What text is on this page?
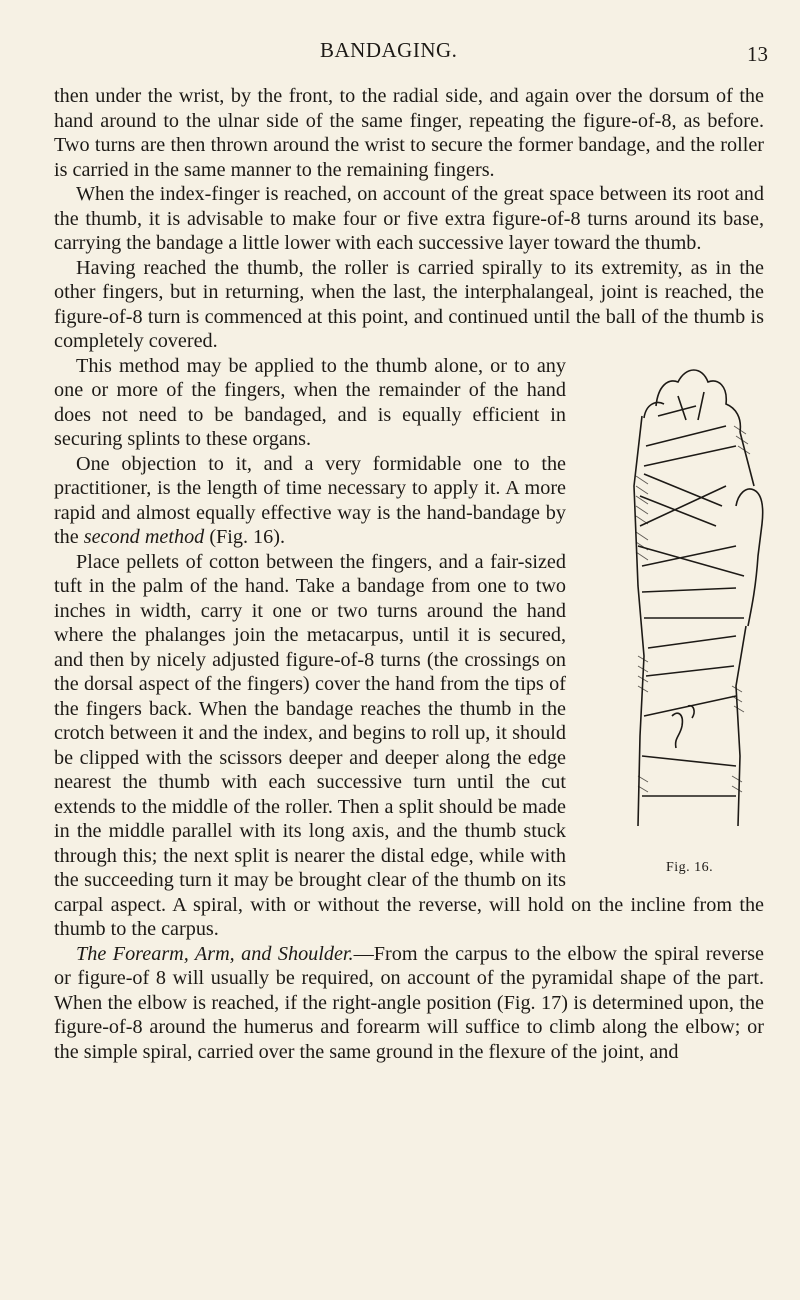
BANDAGING.	13

then under the wrist, by the front, to the radial side, and again over the dorsum of the hand around to the ulnar side of the same finger, repeating the figure-of-8, as before. Two turns are then thrown around the wrist to secure the former bandage, and the roller is carried in the same manner to the remaining fingers.

When the index-finger is reached, on account of the great space between its root and the thumb, it is advisable to make four or five extra figure-of-8 turns around its base, carrying the bandage a little lower with each successive layer toward the thumb.

Having reached the thumb, the roller is carried spirally to its extremity, as in the other fingers, but in returning, when the last, the interphalangeal, joint is reached, the figure-of-8 turn is commenced at this point, and continued until the ball of the thumb is completely covered.

Fig. 16.

This method may be applied to the thumb alone, or to any one or more of the fingers, when the remainder of the hand does not need to be bandaged, and is equally efficient in securing splints to these organs.

One objection to it, and a very formidable one to the practitioner, is the length of time necessary to apply it. A more rapid and almost equally effective way is the hand-bandage by the second method (Fig. 16).

Place pellets of cotton between the fingers, and a fair-sized tuft in the palm of the hand. Take a bandage from one to two inches in width, carry it one or two turns around the hand where the phalanges join the metacarpus, until it is secured, and then by nicely adjusted figure-of-8 turns (the crossings on the dorsal aspect of the fingers) cover the hand from the tips of the fingers back. When the bandage reaches the thumb in the crotch between it and the index, and begins to roll up, it should be clipped with the scissors deeper and deeper along the edge nearest the thumb with each successive turn until the cut extends to the middle of the roller. Then a split should be made in the middle parallel with its long axis, and the thumb stuck through this; the next split is nearer the distal edge, while with the succeeding turn it may be brought clear of the thumb on its carpal aspect. A spiral, with or without the reverse, will hold on the incline from the thumb to the carpus.

The Forearm, Arm, and Shoulder.—From the carpus to the elbow the spiral reverse or figure-of 8 will usually be required, on account of the pyramidal shape of the part. When the elbow is reached, if the right-angle position (Fig. 17) is determined upon, the figure-of-8 around the humerus and forearm will suffice to climb along the elbow; or the simple spiral, carried over the same ground in the flexure of the joint, and
